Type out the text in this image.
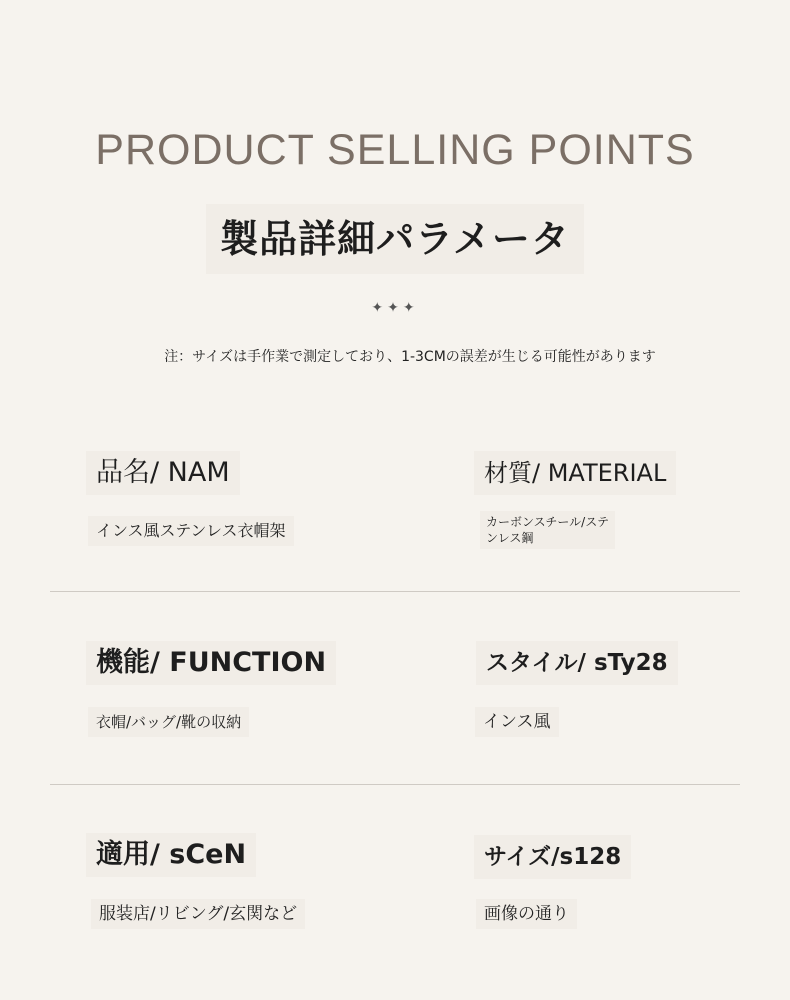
PRODUCT SELLING POINTS
製品詳細パラメータ
✦✦✦
注：サイズは手作業で測定しており、1-3CMの誤差が生じる可能性があります
品名/ NAM
インス風ステンレス衣帽架
材質/ MATERIAL
カーボンスチール/ステ
ンレス鋼
機能/ FUNCTION
衣帽/バッグ/靴の収納
スタイル/ sTy28
インス風
適用/ sCeN
服装店/リビング/玄関など
サイズ/s128
画像の通り
